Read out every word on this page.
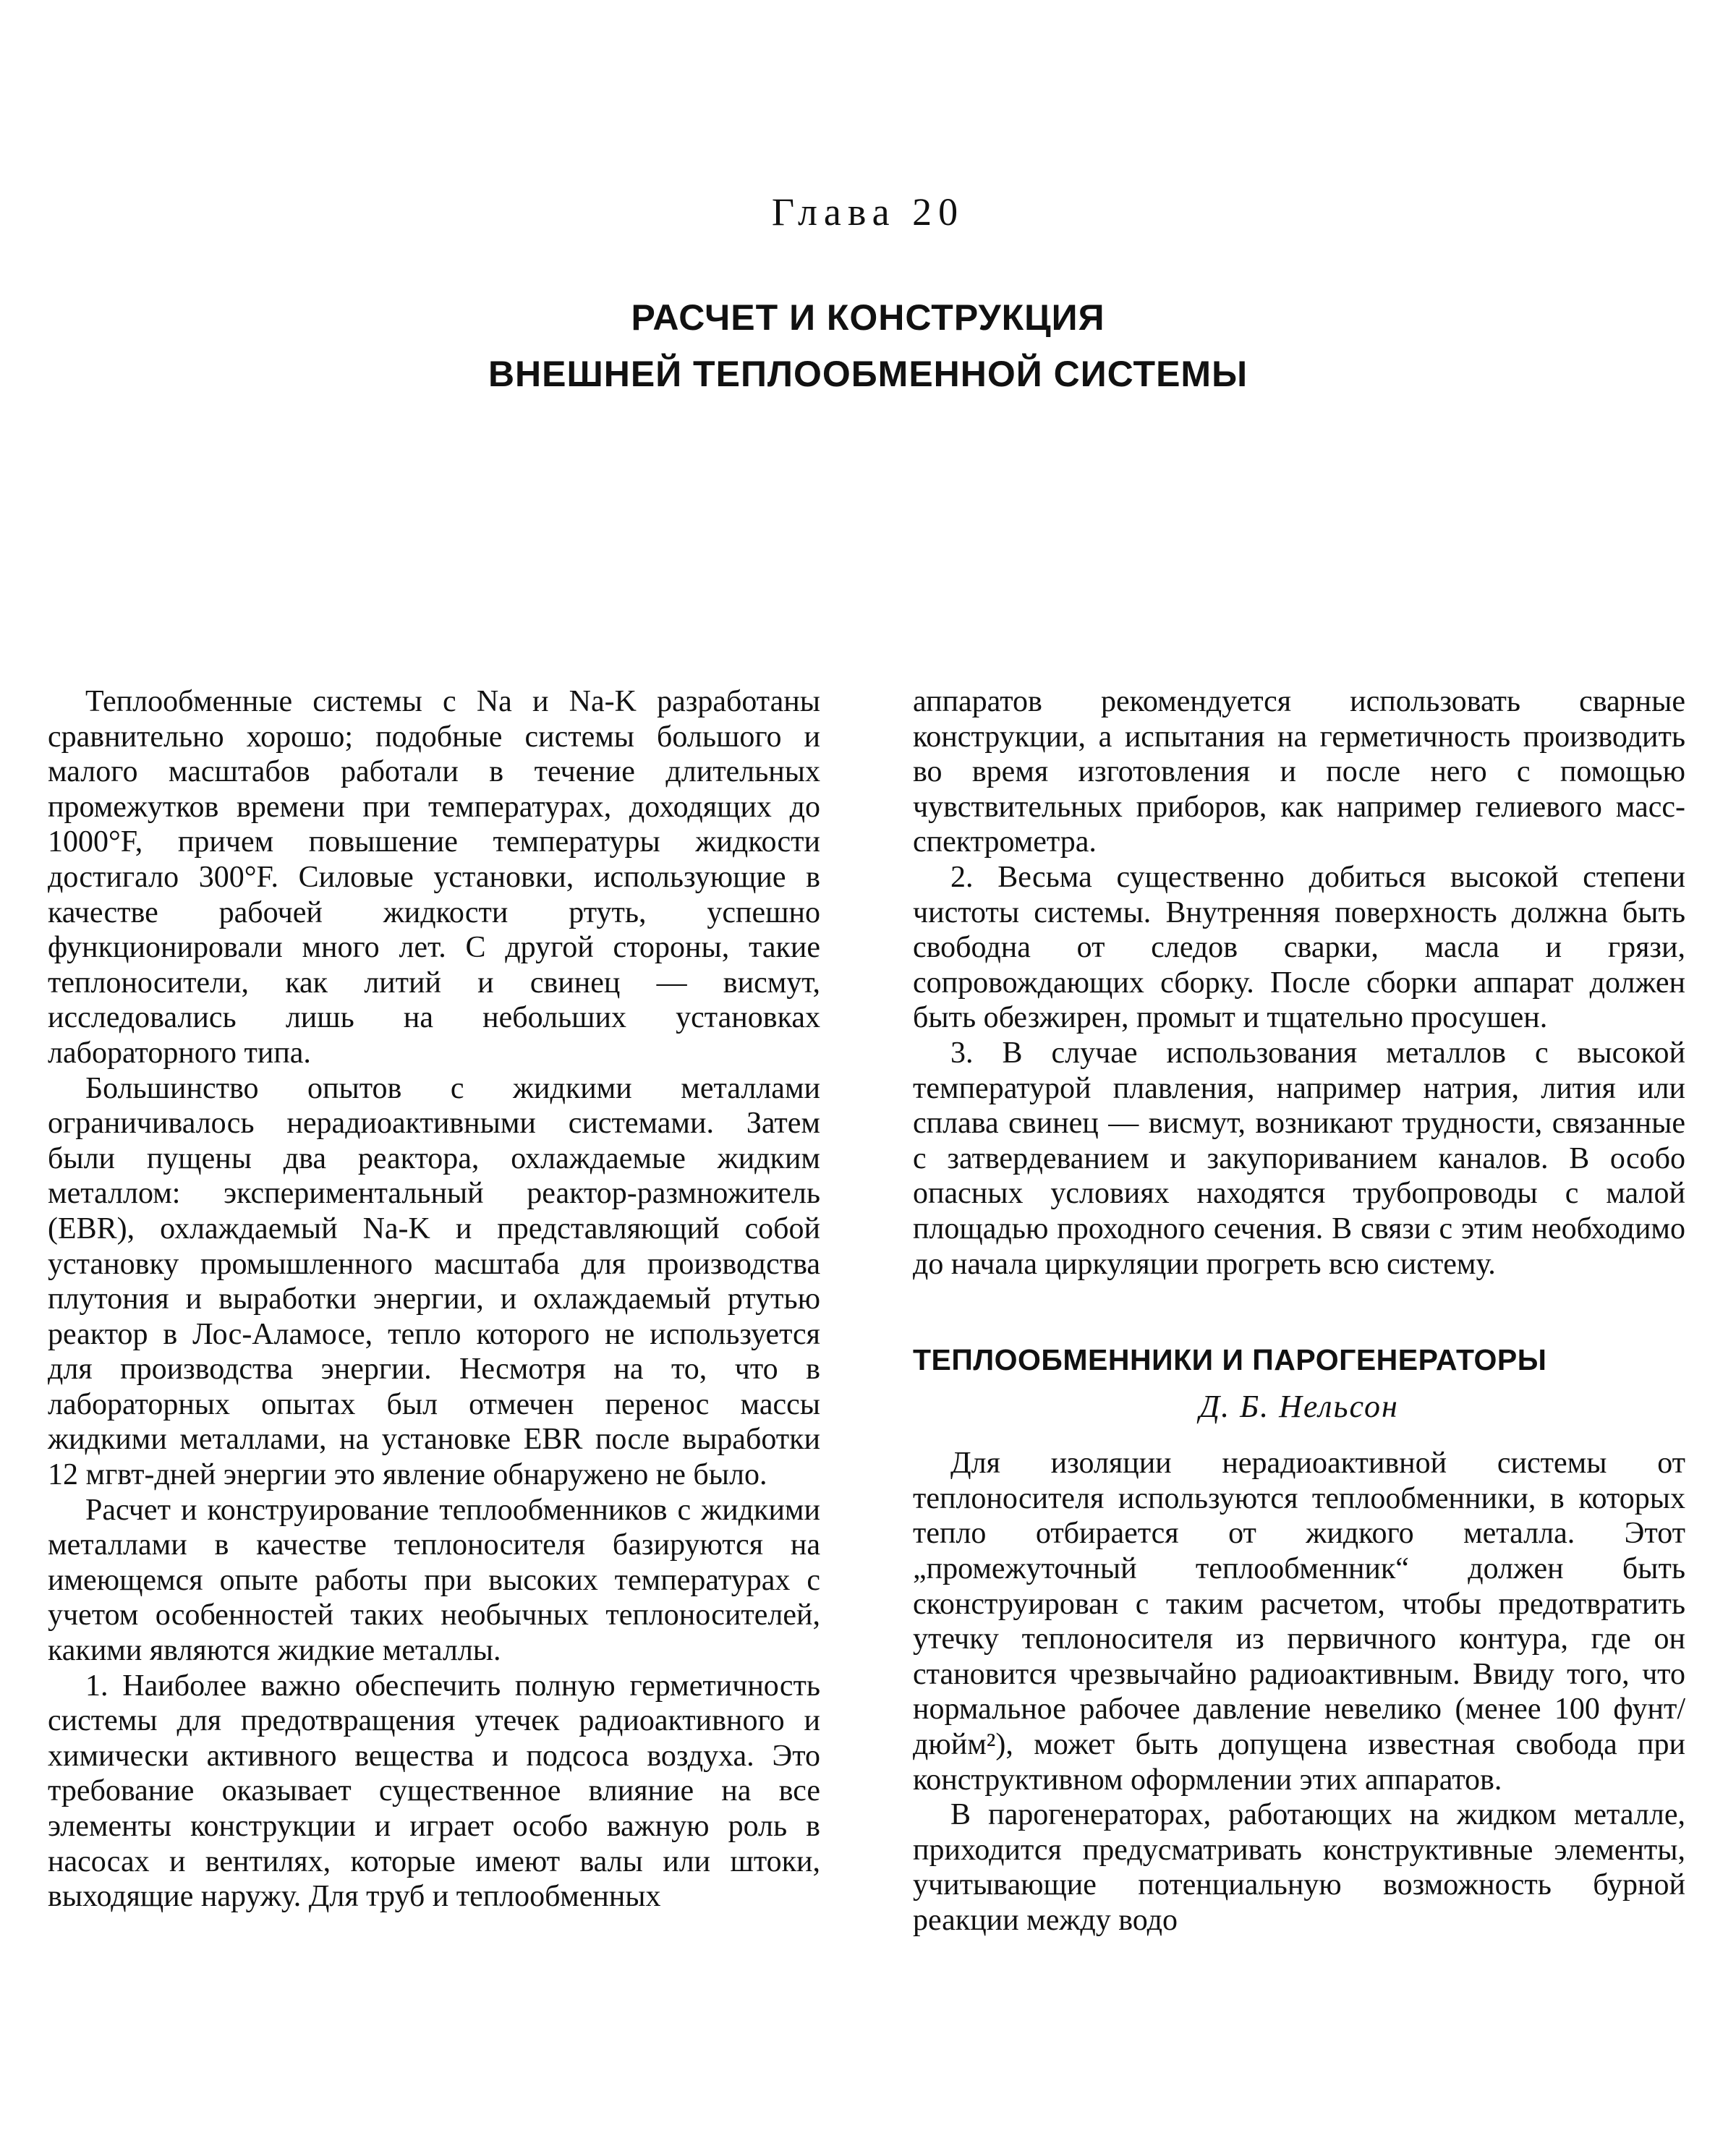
Глава 20
РАСЧЕТ И КОНСТРУКЦИЯ
ВНЕШНЕЙ ТЕПЛООБМЕННОЙ СИСТЕМЫ

Теплообменные системы с Na и Na-K разработаны сравнительно хорошо; подобные системы большого и малого масштабов работали в течение длительных промежутков времени при температурах, доходящих до 1000°F, причем повышение температуры жидкости достигало 300°F. Силовые установки, использующие в качестве рабочей жидкости ртуть, успешно функционировали много лет. С другой стороны, такие теплоносители, как литий и свинец — висмут, исследовались лишь на небольших установках лабораторного типа.

Большинство опытов с жидкими металлами ограничивалось нерадиоактивными системами. Затем были пущены два реактора, охлаждаемые жидким металлом: экспериментальный реактор-размножитель (EBR), охлаждаемый Na-K и представляющий собой установку промышленного масштаба для производства плутония и выработки энергии, и охлаждаемый ртутью реактор в Лос-Аламосе, тепло которого не используется для производства энергии. Несмотря на то, что в лабораторных опытах был отмечен перенос массы жидкими металлами, на установке EBR после выработки 12 мгвт-дней энергии это явление обнаружено не было.

Расчет и конструирование теплообменников с жидкими металлами в качестве теплоносителя базируются на имеющемся опыте работы при высоких температурах с учетом особенностей таких необычных теплоносителей, какими являются жидкие металлы.

1. Наиболее важно обеспечить полную герметичность системы для предотвращения утечек радиоактивного и химически активного вещества и подсоса воздуха. Это требование оказывает существенное влияние на все элементы конструкции и играет особо важную роль в насосах и вентилях, которые имеют валы или штоки, выходящие наружу. Для труб и теплообменных

аппаратов рекомендуется использовать сварные конструкции, а испытания на герметичность производить во время изготовления и после него с помощью чувствительных приборов, как например гелиевого масс-спектрометра.

2. Весьма существенно добиться высокой степени чистоты системы. Внутренняя поверхность должна быть свободна от следов сварки, масла и грязи, сопровождающих сборку. После сборки аппарат должен быть обезжирен, промыт и тщательно просушен.

3. В случае использования металлов с высокой температурой плавления, например натрия, лития или сплава свинец — висмут, возникают трудности, связанные с затвердеванием и закупориванием каналов. В особо опасных условиях находятся трубопроводы с малой площадью проходного сечения. В связи с этим необходимо до начала циркуляции прогреть всю систему.

ТЕПЛООБМЕННИКИ И ПАРОГЕНЕРАТОРЫ
Д. Б. Нельсон

Для изоляции нерадиоактивной системы от теплоносителя используются теплообменники, в которых тепло отбирается от жидкого металла. Этот „промежуточный теплообменник“ должен быть сконструирован с таким расчетом, чтобы предотвратить утечку теплоносителя из первичного контура, где он становится чрезвычайно радиоактивным. Ввиду того, что нормальное рабочее давление невелико (менее 100 фунт/дюйм²), может быть допущена известная свобода при конструктивном оформлении этих аппаратов.

В парогенераторах, работающих на жидком металле, приходится предусматривать конструктивные элементы, учитывающие потенциальную возможность бурной реакции между водо
